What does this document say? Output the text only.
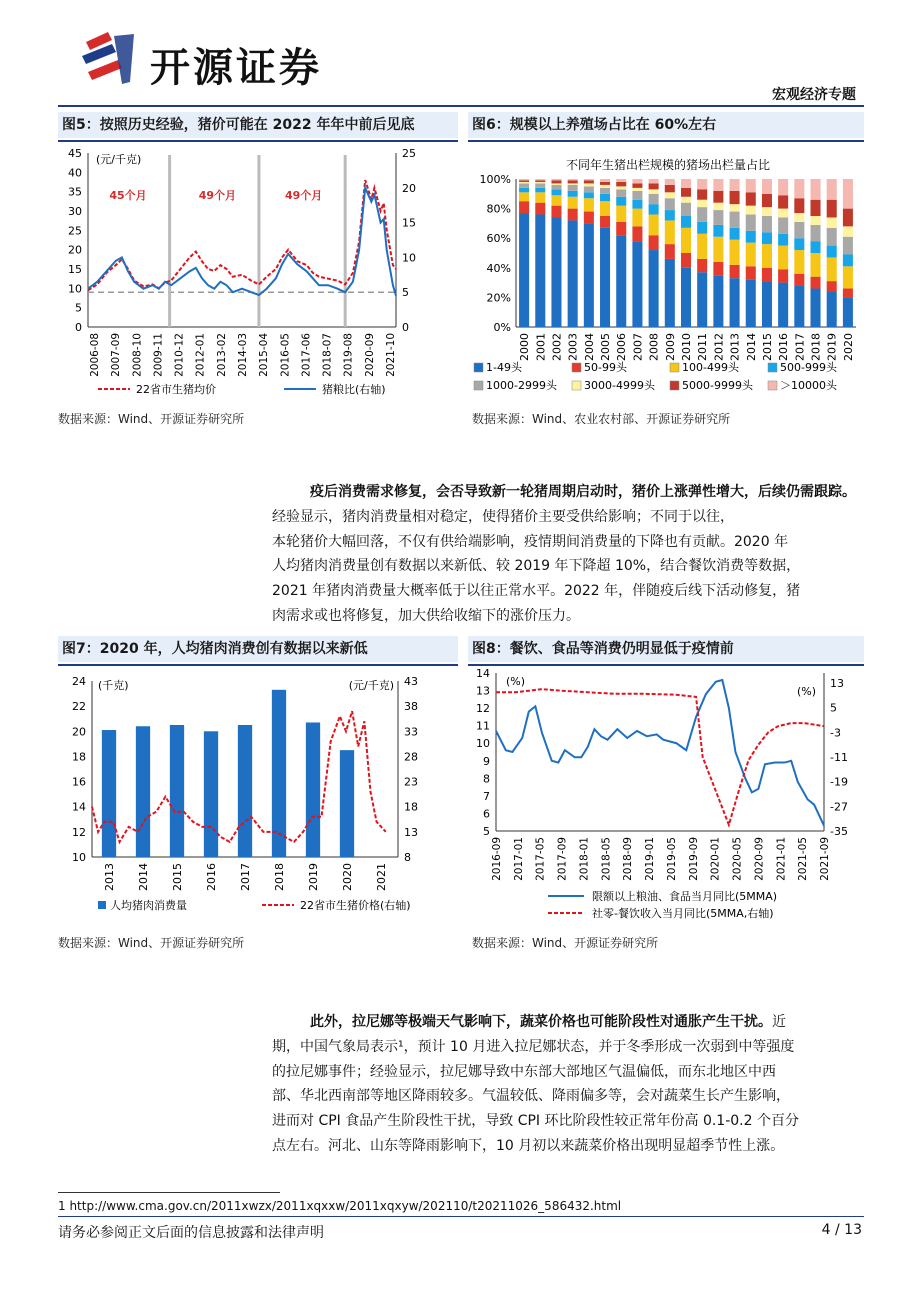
开源证券
宏观经济专题
图5：按照历史经验，猪价可能在 2022 年年中前后见底
45
40
35
30
25
20
15
10
5
0
25
20
15
10
5
0
(元/千克)
2006-08 2007-09 2008-10 2009-11 2010-12 2012-01 2013-02 2014-03 2015-04 2016-05 2017-06 2018-07 2019-08 2020-09 2021-10
45个月	49个月	49个月
22省市生猪均价	猪粮比(右轴)
数据来源：Wind、开源证券研究所
图6：规模以上养殖场占比在 60%左右
不同年生猪出栏规模的猪场出栏量占比
100%
80%
60%
40%
20%
0%
2000 2001 2002 2003 2004 2005 2006 2007 2008 2009 2010 2011 2012 2013 2014 2015 2016 2017 2018 2019 2020
1-49头	50-99头	100-499头	500-999头
1000-2999头 3000-4999头 5000-9999头 ＞10000头
数据来源：Wind、农业农村部、开源证券研究所
疫后消费需求修复，会否导致新一轮猪周期启动时，猪价上涨弹性增大，后续仍需跟踪。
经验显示，猪肉消费量相对稳定，使得猪价主要受供给影响；不同于以往，
本轮猪价大幅回落，不仅有供给端影响，疫情期间消费量的下降也有贡献。2020 年
人均猪肉消费量创有数据以来新低、较 2019 年下降超 10%，结合餐饮消费等数据，
2021 年猪肉消费量大概率低于以往正常水平。2022 年，伴随疫后线下活动修复，猪
肉需求或也将修复，加大供给收缩下的涨价压力。
图7：2020 年，人均猪肉消费创有数据以来新低
24
22
20
18
16
14
12
10
43
38
33
28
23
18
13
8
(千克)	(元/千克)
2013 2014 2015 2016 2017 2018 2019 2020 2021
人均猪肉消费量	22省市生猪价格(右轴)
数据来源：Wind、开源证券研究所
图8：餐饮、食品等消费仍明显低于疫情前
14
13
12
11
10
9
8
7
6
5
13
5
-3
-11
-19
-27
-35
(%)
(%)
2016-09 2017-01 2017-05 2017-09 2018-01 2018-05 2018-09 2019-01 2019-05 2019-09 2020-01 2020-05 2020-09 2021-01 2021-05 2021-09
限额以上粮油、食品当月同比(5MMA)
社零-餐饮收入当月同比(5MMA,右轴)
数据来源：Wind、开源证券研究所
此外，拉尼娜等极端天气影响下，蔬菜价格也可能阶段性对通胀产生干扰。近
期，中国气象局表示¹，预计 10 月进入拉尼娜状态，并于冬季形成一次弱到中等强度
的拉尼娜事件；经验显示，拉尼娜导致中东部大部地区气温偏低，而东北地区中西
部、华北西南部等地区降雨较多。气温较低、降雨偏多等，会对蔬菜生长产生影响，
进而对 CPI 食品产生阶段性干扰，导致 CPI 环比阶段性较正常年份高 0.1-0.2 个百分
点左右。河北、山东等降雨影响下，10 月初以来蔬菜价格出现明显超季节性上涨。
1 http://www.cma.gov.cn/2011xwzx/2011xqxxw/2011xqxyw/202110/t20211026_586432.html
请务必参阅正文后面的信息披露和法律声明	4 / 13
